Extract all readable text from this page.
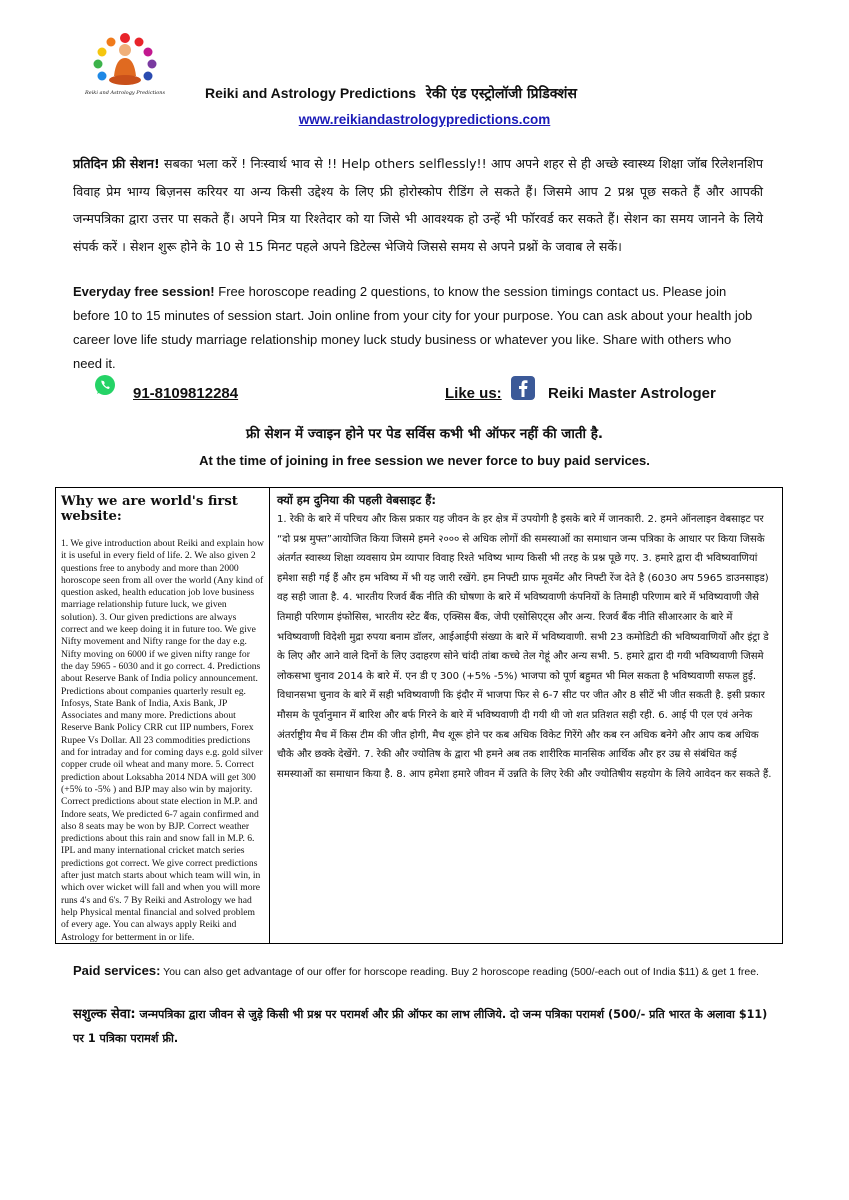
Reiki and Astrology Predictions	Reiki and Astrology Predictions रेकी एंड एस्ट्रोलॉजी प्रिडिक्शंस
www.reikiandastrologypredictions.com
प्रतिदिन फ्री सेशन! सबका भला करें ! निःस्वार्थ भाव से !! Help others selflessly!! आप अपने शहर से ही अच्छे स्वास्थ्य शिक्षा जॉब रिलेशनशिप विवाह प्रेम भाग्य बिज़नस करियर या अन्य किसी उद्देश्य के लिए फ्री होरोस्कोप रीडिंग ले सकते हैं। जिसमे आप 2 प्रश्न पूछ सकते हैं और आपकी जन्मपत्रिका द्वारा उत्तर पा सकते हैं। अपने मित्र या रिश्तेदार को या जिसे भी आवश्यक हो उन्हें भी फॉरवर्ड कर सकते हैं। सेशन का समय जानने के लिये संपर्क करें । सेशन शुरू होने के 10 से 15 मिनट पहले अपने डिटेल्स भेजिये जिससे समय से अपने प्रश्नों के जवाब ले सकें।
Everyday free session! Free horoscope reading 2 questions, to know the session timings contact us. Please join before 10 to 15 minutes of session start. Join online from your city for your purpose. You can ask about your health job career love life study marriage relationship money luck study business or whatever you like. Share with others who need it.
91-8109812284	Like us:	Reiki Master Astrologer
फ्री सेशन में ज्वाइन होने पर पेड सर्विस कभी भी ऑफर नहीं की जाती है.
At the time of joining in free session we never force to buy paid services.
Why we are world's first website:
1. We give introduction about Reiki and explain how it is useful in every field of life. 2. We also given 2 questions free to anybody and more than 2000 horoscope seen from all over the world (Any kind of question asked, health education job love business marriage relationship future luck, we given solution). 3. Our given predictions are always correct and we keep doing it in future too. We give Nifty movement and Nifty range for the day e.g. Nifty moving on 6000 if we given nifty range for the day 5965 - 6030 and it go correct. 4. Predictions about Reserve Bank of India policy announcement. Predictions about companies quarterly result eg. Infosys, State Bank of India, Axis Bank, JP Associates and many more. Predictions about Reserve Bank Policy CRR cut IIP numbers, Forex Rupee Vs Dollar. All 23 commodities predictions and for intraday and for coming days e.g. gold silver copper crude oil wheat and many more. 5. Correct prediction about Loksabha 2014 NDA will get 300 (+5% to -5% ) and BJP may also win by majority. Correct predictions about state election in M.P. and Indore seats, We predicted 6-7 again confirmed and also 8 seats may be won by BJP. Correct weather predictions about this rain and snow fall in M.P. 6. IPL and many international cricket match series predictions got correct. We give correct predictions after just match starts about which team will win, in which over wicket will fall and when you will more runs 4's and 6's. 7 By Reiki and Astrology we had help Physical mental financial and solved problem of every age. You can always apply Reiki and Astrology for betterment in or life.
क्यों हम दुनिया की पहली वेबसाइट हैं:
1. रेकी के बारे में परिचय और किस प्रकार यह जीवन के हर क्षेत्र में उपयोगी है इसके बारे में जानकारी. 2. हमने ऑनलाइन वेबसाइट पर “दो प्रश्न मुफ्त”आयोजित किया जिसमे हमने २००० से अधिक लोगों की समस्याओं का समाधान जन्म पत्रिका के आधार पर किया जिसके अंतर्गत स्वास्थ्य शिक्षा व्यवसाय प्रेम व्यापार विवाह रिश्ते भविष्य भाग्य किसी भी तरह के प्रश्न पूछे गए. 3. हमारे द्वारा दी भविष्यवाणियां हमेशा सही गई हैं और हम भविष्य में भी यह जारी रखेंगे. हम निफ्टी ग्राफ मूवमेंट और निफ्टी रेंज देते है (6030 अप 5965 डाउनसाइड) वह सही जाता है. 4. भारतीय रिजर्व बैंक नीति की घोषणा के बारे में भविष्यवाणी कंपनियों के तिमाही परिणाम बारे में भविष्यवाणी जैसे तिमाही परिणाम इंफोसिस, भारतीय स्टेट बैंक, एक्सिस बैंक, जेपी एसोसिएट्स और अन्य. रिजर्व बैंक नीति सीआरआर के बारे में भविष्यवाणी विदेशी मुद्रा रुपया बनाम डॉलर, आईआईपी संख्या के बारे में भविष्यवाणी. सभी 23 कमोडिटी की भविष्यवाणियों और इंट्रा डे के लिए और आने वाले दिनों के लिए उदाहरण सोने चांदी तांबा कच्चे तेल गेहूं और अन्य सभी. 5. हमारे द्वारा दी गयी भविष्यवाणी जिसमे लोकसभा चुनाव 2014 के बारे में. एन डी ए 300 (+5% -5%) भाजपा को पूर्ण बहुमत भी मिल सकता है भविष्यवाणी सफल हुई. विधानसभा चुनाव के बारे में सही भविष्यवाणी कि इंदौर में भाजपा फिर से 6-7 सीट पर जीत और 8 सीटें भी जीत सकती है. इसी प्रकार मौसम के पूर्वानुमान में बारिश और बर्फ गिरने के बारे में भविष्यवाणी दी गयी थी जो शत प्रतिशत सही रही. 6. आई पी एल एवं अनेक अंतर्राष्ट्रीय मैच में किस टीम की जीत होगी, मैच शूरू होने पर कब अधिक विकेट गिरेंगे और कब रन अधिक बनेगे और आप कब अधिक चौके और छक्के देखेंगे. 7. रेकी और ज्योतिष के द्वारा भी हमने अब तक शारीरिक मानसिक आर्थिक और हर उम्र से संबंधित कई समस्याओं का समाधान किया है. 8. आप हमेशा हमारे जीवन में उन्नति के लिए रेकी और ज्योतिषीय सहयोग के लिये आवेदन कर सकते हैं.
Paid services: You can also get advantage of our offer for horscope reading. Buy 2 horoscope reading (500/-each out of India $11) & get 1 free.
सशुल्क सेवा: जन्मपत्रिका द्वारा जीवन से जुड़े किसी भी प्रश्न पर परामर्श और फ्री ऑफर का लाभ लीजिये. दो जन्म पत्रिका परामर्श (500/- प्रति भारत के अलावा $11) पर 1 पत्रिका परामर्श फ्री.
